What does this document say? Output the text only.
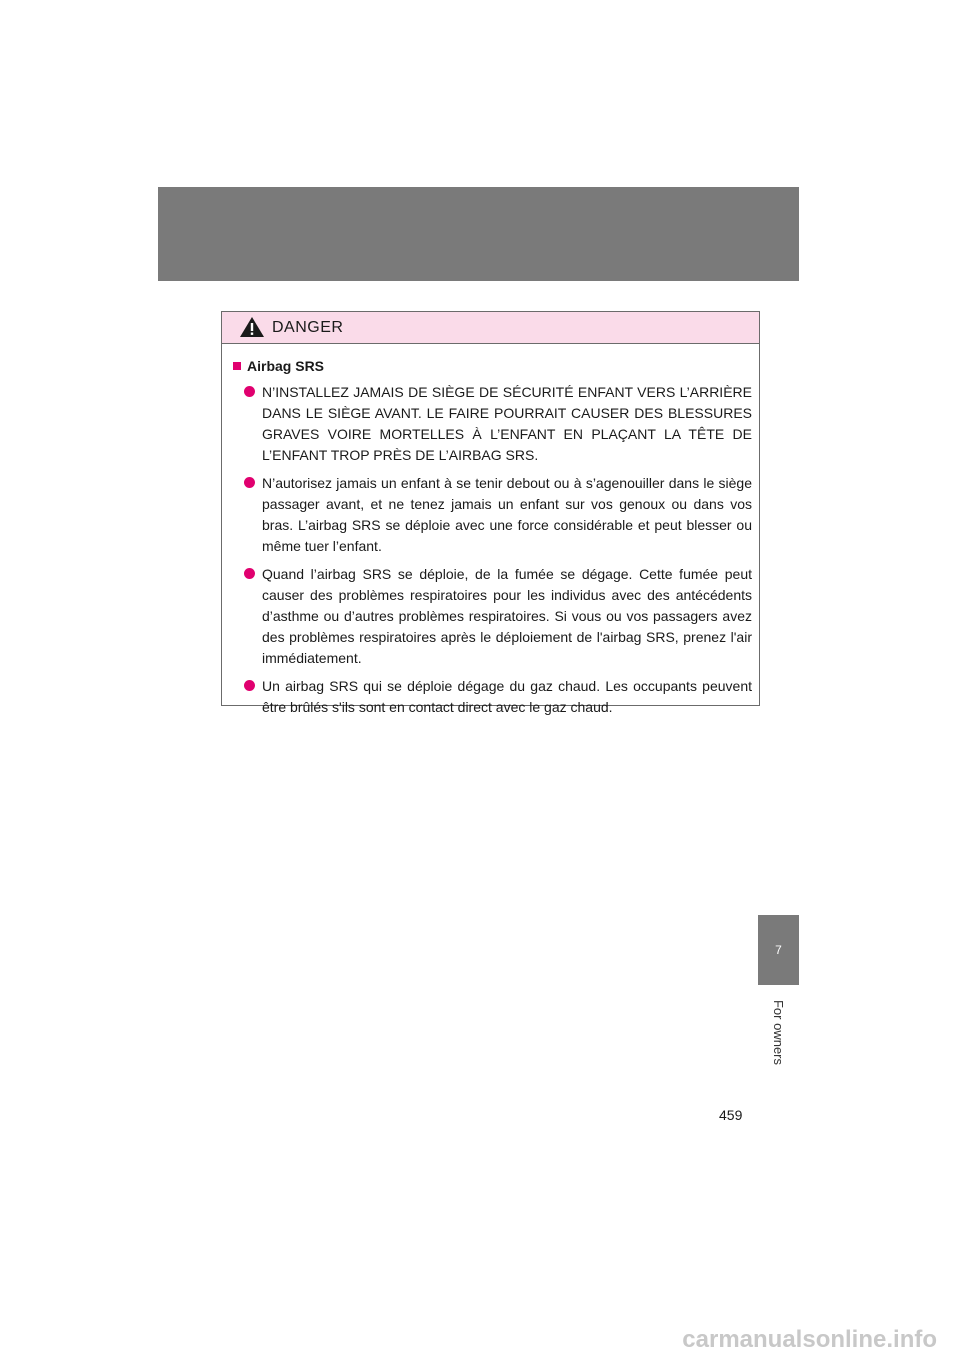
DANGER
Airbag SRS
N’INSTALLEZ JAMAIS DE SIÈGE DE SÉCURITÉ ENFANT VERS L’ARRIÈRE DANS LE SIÈGE AVANT. LE FAIRE POURRAIT CAUSER DES BLESSURES GRAVES VOIRE MORTELLES À L’ENFANT EN PLAÇANT LA TÊTE DE L’ENFANT TROP PRÈS DE L’AIRBAG SRS.
N’autorisez jamais un enfant à se tenir debout ou à s’agenouiller dans le siège passager avant, et ne tenez jamais un enfant sur vos genoux ou dans vos bras. L’airbag SRS se déploie avec une force considérable et peut blesser ou même tuer l’enfant.
Quand l’airbag SRS se déploie, de la fumée se dégage. Cette fumée peut causer des problèmes respiratoires pour les individus avec des antécédents d’asthme ou d’autres problèmes respiratoires. Si vous ou vos passagers avez des problèmes respiratoires après le déploiement de l'airbag SRS, prenez l'air immédiatement.
Un airbag SRS qui se déploie dégage du gaz chaud. Les occupants peuvent être brûlés s'ils sont en contact direct avec le gaz chaud.
7
For owners
459
carmanualsonline.info
